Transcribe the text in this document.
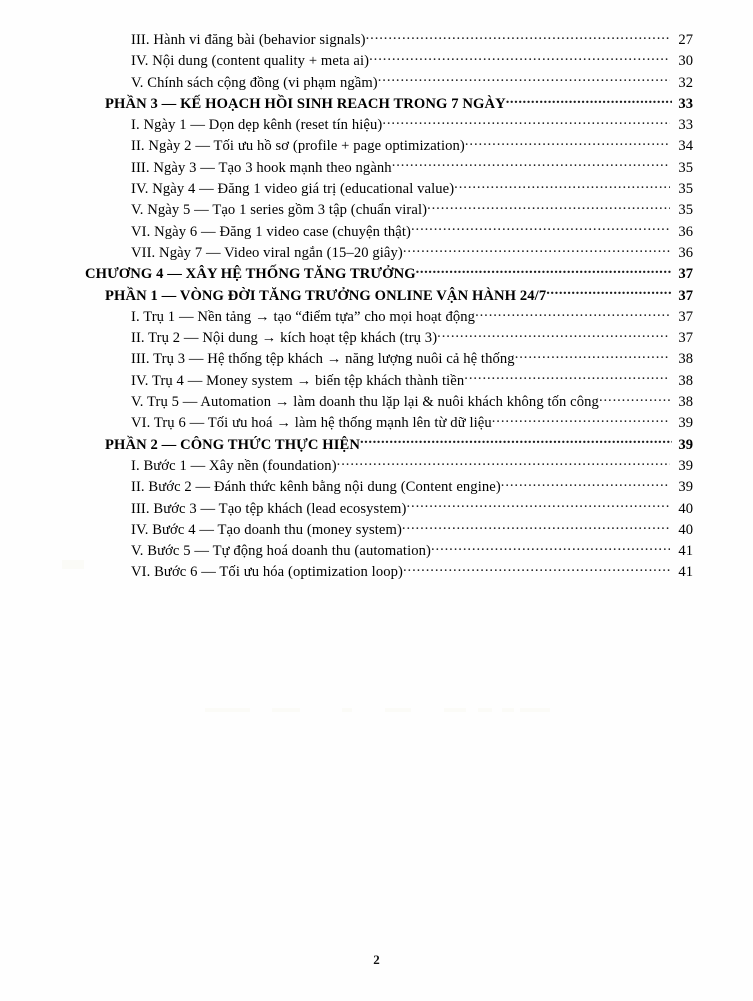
III. Hành vi đăng bài (behavior signals) .....	27
IV. Nội dung (content quality + meta ai) .....	30
V. Chính sách cộng đồng (vi phạm ngầm) .....	32
PHẦN 3 — KẾ HOẠCH HỒI SINH REACH TRONG 7 NGÀY .....	33
I. Ngày 1 — Dọn dẹp kênh (reset tín hiệu) .....	33
II. Ngày 2 — Tối ưu hồ sơ (profile + page optimization) .....	34
III. Ngày 3 — Tạo 3 hook mạnh theo ngành .....	35
IV. Ngày 4 — Đăng 1 video giá trị (educational value) .....	35
V. Ngày 5 — Tạo 1 series gồm 3 tập (chuẩn viral) .....	35
VI. Ngày 6 — Đăng 1 video case (chuyện thật) .....	36
VII. Ngày 7 — Video viral ngắn (15–20 giây) .....	36
CHƯƠNG 4 — XÂY HỆ THỐNG TĂNG TRƯỞNG .....	37
PHẦN 1 — VÒNG ĐỜI TĂNG TRƯỞNG ONLINE VẬN HÀNH 24/7 .....	37
I. Trụ 1 — Nền tảng → tạo “điểm tựa” cho mọi hoạt động .....	37
II. Trụ 2 — Nội dung → kích hoạt tệp khách (trụ 3) .....	37
III. Trụ 3 — Hệ thống tệp khách → năng lượng nuôi cả hệ thống .....	38
IV. Trụ 4 — Money system → biến tệp khách thành tiền .....	38
V. Trụ 5 — Automation → làm doanh thu lặp lại & nuôi khách không tốn công .....	38
VI. Trụ 6 — Tối ưu hoá → làm hệ thống mạnh lên từ dữ liệu .....	39
PHẦN 2 — CÔNG THỨC THỰC HIỆN .....	39
I. Bước 1 — Xây nền (foundation) .....	39
II. Bước 2 — Đánh thức kênh bằng nội dung (Content engine) .....	39
III. Bước 3 — Tạo tệp khách (lead ecosystem) .....	40
IV. Bước 4 — Tạo doanh thu (money system) .....	40
V. Bước 5 — Tự động hoá doanh thu (automation) .....	41
VI. Bước 6 — Tối ưu hóa (optimization loop) .....	41
2
